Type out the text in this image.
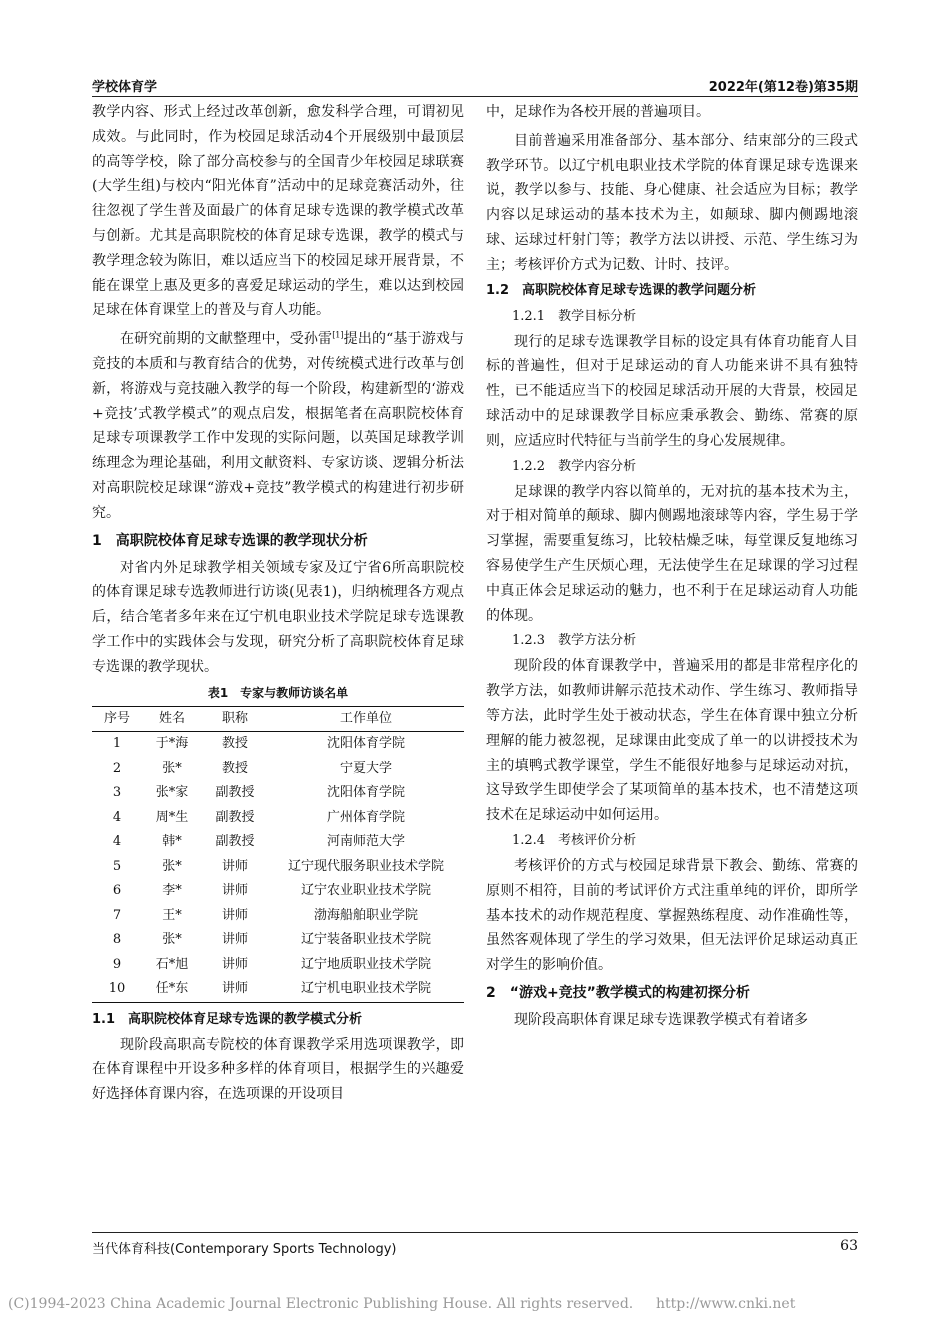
学校体育学	2022年(第12卷)第35期

教学内容、形式上经过改革创新，愈发科学合理，可谓初见成效。与此同时，作为校园足球活动4个开展级别中最顶层的高等学校，除了部分高校参与的全国青少年校园足球联赛(大学生组)与校内“阳光体育”活动中的足球竞赛活动外，往往忽视了学生普及面最广的体育足球专选课的教学模式改革与创新。尤其是高职院校的体育足球专选课，教学的模式与教学理念较为陈旧，难以适应当下的校园足球开展背景，不能在课堂上惠及更多的喜爱足球运动的学生，难以达到校园足球在体育课堂上的普及与育人功能。

在研究前期的文献整理中，受孙雷[1]提出的“基于游戏与竞技的本质和与教育结合的优势，对传统模式进行改革与创新，将游戏与竞技融入教学的每一个阶段，构建新型的‘游戏+竞技’式教学模式”的观点启发，根据笔者在高职院校体育足球专项课教学工作中发现的实际问题，以英国足球教学训练理念为理论基础，利用文献资料、专家访谈、逻辑分析法对高职院校足球课“游戏+竞技”教学模式的构建进行初步研究。

1　高职院校体育足球专选课的教学现状分析

对省内外足球教学相关领域专家及辽宁省6所高职院校的体育课足球专选教师进行访谈(见表1)，归纳梳理各方观点后，结合笔者多年来在辽宁机电职业技术学院足球专选课教学工作中的实践体会与发现，研究分析了高职院校体育足球专选课的教学现状。

表1　专家与教师访谈名单
序号	姓名	职称	工作单位
1	于*海	教授	沈阳体育学院
2	张*	教授	宁夏大学
3	张*家	副教授	沈阳体育学院
4	周*生	副教授	广州体育学院
4	韩*	副教授	河南师范大学
5	张*	讲师	辽宁现代服务职业技术学院
6	李*	讲师	辽宁农业职业技术学院
7	王*	讲师	渤海船舶职业学院
8	张*	讲师	辽宁装备职业技术学院
9	石*旭	讲师	辽宁地质职业技术学院
10	任*东	讲师	辽宁机电职业技术学院
1.1　高职院校体育足球专选课的教学模式分析

现阶段高职高专院校的体育课教学采用选项课教学，即在体育课程中开设多种多样的体育项目，根据学生的兴趣爱好选择体育课内容，在选项课的开设项目

中，足球作为各校开展的普遍项目。

目前普遍采用准备部分、基本部分、结束部分的三段式教学环节。以辽宁机电职业技术学院的体育课足球专选课来说，教学以参与、技能、身心健康、社会适应为目标；教学内容以足球运动的基本技术为主，如颠球、脚内侧踢地滚球、运球过杆射门等；教学方法以讲授、示范、学生练习为主；考核评价方式为记数、计时、技评。

1.2　高职院校体育足球专选课的教学问题分析
1.2.1　教学目标分析

现行的足球专选课教学目标的设定具有体育功能育人目标的普遍性，但对于足球运动的育人功能来讲不具有独特性，已不能适应当下的校园足球活动开展的大背景，校园足球活动中的足球课教学目标应秉承教会、勤练、常赛的原则，应适应时代特征与当前学生的身心发展规律。

1.2.2　教学内容分析

足球课的教学内容以简单的，无对抗的基本技术为主，对于相对简单的颠球、脚内侧踢地滚球等内容，学生易于学习掌握，需要重复练习，比较枯燥乏味，每堂课反复地练习容易使学生产生厌烦心理，无法使学生在足球课的学习过程中真正体会足球运动的魅力，也不利于在足球运动育人功能的体现。

1.2.3　教学方法分析

现阶段的体育课教学中，普遍采用的都是非常程序化的教学方法，如教师讲解示范技术动作、学生练习、教师指导等方法，此时学生处于被动状态，学生在体育课中独立分析理解的能力被忽视，足球课由此变成了单一的以讲授技术为主的填鸭式教学课堂，学生不能很好地参与足球运动对抗，这导致学生即使学会了某项简单的基本技术，也不清楚这项技术在足球运动中如何运用。

1.2.4　考核评价分析

考核评价的方式与校园足球背景下教会、勤练、常赛的原则不相符，目前的考试评价方式注重单纯的评价，即所学基本技术的动作规范程度、掌握熟练程度、动作准确性等，虽然客观体现了学生的学习效果，但无法评价足球运动真正对学生的影响价值。

2　“游戏+竞技”教学模式的构建初探分析

现阶段高职体育课足球专选课教学模式有着诸多

当代体育科技(Contemporary Sports Technology)	63
(C)1994-2023 China Academic Journal Electronic Publishing House. All rights reserved. http://www.cnki.net
